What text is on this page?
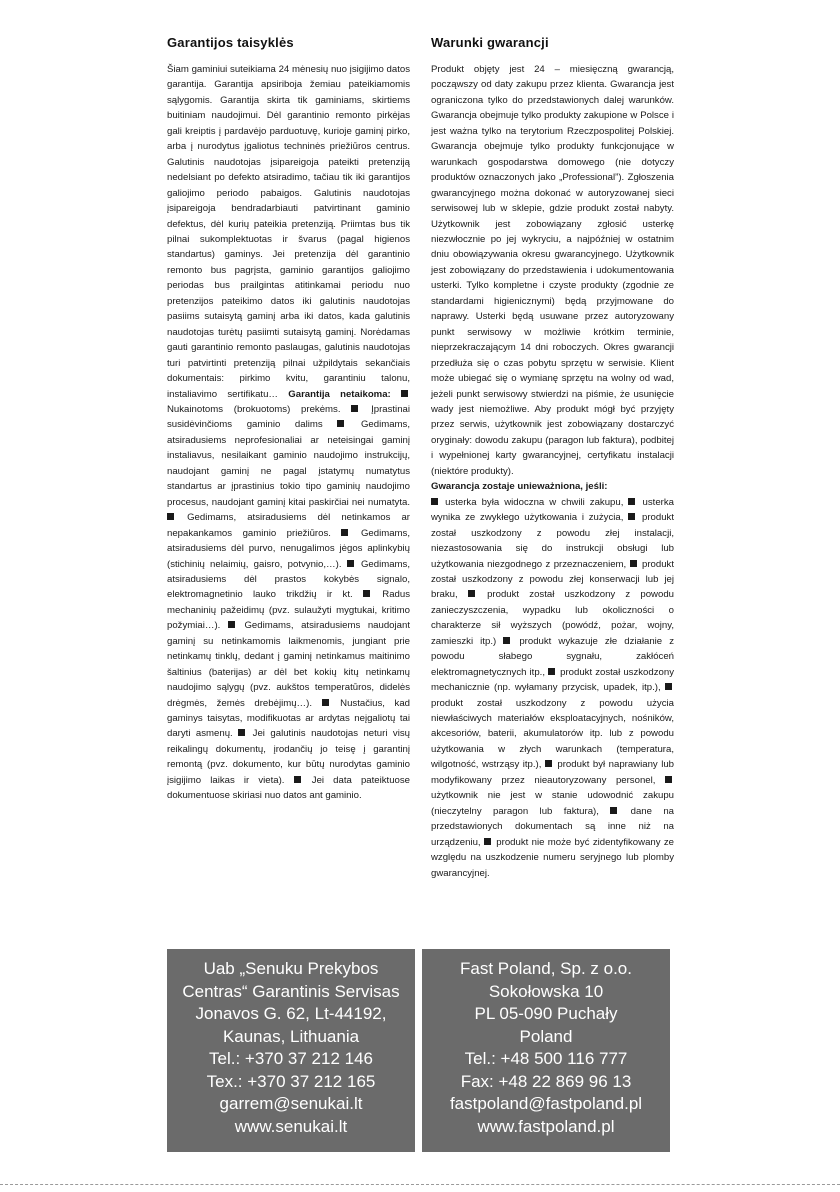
Garantijos taisyklės

Šiam gaminiui suteikiama 24 mėnesių nuo įsigijimo datos garantija. Garantija apsiriboja žemiau pateikiamomis sąlygomis. Garantija skirta tik gaminiams, skirtiems buitiniam naudojimui. Dėl garantinio remonto pirkėjas gali kreiptis į pardavėjo parduotuvę, kurioje gaminį pirko, arba į nurodytus įgaliotus techninės priežiūros centrus. Galutinis naudotojas įsipareigoja pateikti pretenziją nedelsiant po defekto atsiradimo, tačiau tik iki garantijos galiojimo periodo pabaigos. Galutinis naudotojas įsipareigoja bendradarbiauti patvirtinant gaminio defektus, dėl kurių pateikia pretenziją. Priimtas bus tik pilnai sukomplektuotas ir švarus (pagal higienos standartus) gaminys. Jei pretenzija dėl garantinio remonto bus pagrįsta, gaminio garantijos galiojimo periodas bus prailgintas atitinkamai periodu nuo pretenzijos pateikimo datos iki galutinis naudotojas pasiims sutaisytą gaminį arba iki datos, kada galutinis naudotojas turėtų pasiimti sutaisytą gaminį. Norėdamas gauti garantinio remonto paslaugas, galutinis naudotojas turi patvirtinti pretenziją pilnai užpildytais sekančiais dokumentais: pirkimo kvitu, garantiniu talonu, instaliavimo sertifikatu… Garantija netaikoma:  Nukainotoms (brokuotoms) prekėms.	Įprastinai susidėvinčioms gaminio dalims	Gedimams, atsiradusiems neprofesionaliai ar neteisingai gaminį instaliavus, nesilaikant gaminio naudojimo instrukcijų, naudojant gaminį ne pagal įstatymų numatytus standartus ar įprastinius tokio tipo gaminių naudojimo procesus, naudojant gaminį kitai paskirčiai nei numatyta.  Gedimams, atsiradusiems dėl netinkamos ar nepakankamos gaminio priežiūros.	Gedimams, atsiradusiems dėl purvo, nenugalimos jėgos aplinkybių (stichinių nelaimių, gaisro, potvynio,…). Gedimams, atsiradusiems dėl prastos kokybės signalo, elektromagnetinio lauko trikdžių ir kt.	Radus mechaninių pažeidimų (pvz. sulaužyti mygtukai, kritimo požymiai…).	Gedimams, atsiradusiems naudojant gaminį su netinkamomis laikmenomis, jungiant prie netinkamų tinklų, dedant į gaminį netinkamus maitinimo šaltinius (baterijas) ar dėl bet kokių kitų netinkamų naudojimo sąlygų (pvz. aukštos temperatūros, didelės drėgmės, žemės drebėjimų…).	Nustačius, kad gaminys taisytas, modifikuotas ar ardytas neįgaliotų tai daryti asmenų. Jei galutinis naudotojas neturi visų reikalingų dokumentų, įrodančių jo teisę į garantinį remontą (pvz. dokumento, kur būtų nurodytas gaminio įsigijimo laikas ir vieta).	Jei data pateiktuose dokumentuose skiriasi nuo datos ant gaminio.

Warunki gwarancji

Produkt objęty jest 24 – miesięczną gwarancją, począwszy od daty zakupu przez klienta. Gwarancja jest ograniczona tylko do przedstawionych dalej warunków. Gwarancja obejmuje tylko produkty zakupione w Polsce i jest ważna tylko na terytorium Rzeczpospolitej Polskiej. Gwarancja obejmuje tylko produkty funkcjonujące w warunkach gospodarstwa domowego (nie dotyczy produktów oznaczonych jako „Professional”). Zgłoszenia gwarancyjnego można dokonać w autoryzowanej sieci serwisowej lub w sklepie, gdzie produkt został nabyty. Użytkownik jest zobowiązany zgłosić usterkę niezwłocznie po jej wykryciu, a najpóźniej w ostatnim dniu obowiązywania okresu gwarancyjnego. Użytkownik jest zobowiązany do przedstawienia i udokumentowania usterki. Tylko kompletne i czyste produkty (zgodnie ze standardami higienicznymi) będą przyjmowane do naprawy. Usterki będą usuwane przez autoryzowany punkt serwisowy w możliwie krótkim terminie, nieprzekraczającym 14 dni roboczych. Okres gwarancji przedłuża się o czas pobytu sprzętu w serwisie. Klient może ubiegać się o wymianę sprzętu na wolny od wad, jeżeli punkt serwisowy stwierdzi na piśmie, że usunięcie wady jest niemożliwe. Aby produkt mógł być przyjęty przez serwis, użytkownik jest zobowiązany dostarczyć oryginały: dowodu zakupu (paragon lub faktura), podbitej i wypełnionej karty gwarancyjnej, certyfikatu instalacji (niektóre produkty).

Gwarancja zostaje unieważniona, jeśli:
usterka była widoczna w chwili zakupu, usterka wynika ze zwykłego użytkowania i zużycia, produkt został uszkodzony z powodu złej instalacji, niezastosowania się do instrukcji obsługi lub użytkowania niezgodnego z przeznaczeniem, produkt został uszkodzony z powodu złej konserwacji lub jej braku,	produkt został uszkodzony z powodu zanieczyszczenia, wypadku lub okoliczności o charakterze sił wyższych (powódź, pożar, wojny, zamieszki itp.) produkt wykazuje złe działanie z powodu słabego sygnału, zakłóceń elektromagnetycznych itp., produkt został uszkodzony mechanicznie (np. wyłamany przycisk, upadek, itp.),  produkt został uszkodzony z powodu użycia niewłaściwych materiałów eksploatacyjnych, nośników, akcesoriów, baterii, akumulatorów itp. lub z powodu użytkowania w złych warunkach (temperatura, wilgotność, wstrząsy itp.), produkt był naprawiany lub modyfikowany przez nieautoryzowany personel,  użytkownik nie jest w stanie udowodnić zakupu (nieczytelny paragon lub faktura),	dane na przedstawionych dokumentach są inne niż na urządzeniu, produkt nie może być zidentyfikowany ze względu na uszkodzenie numeru seryjnego lub plomby gwarancyjnej.

Uab „Senuku Prekybos
Centras“ Garantinis Servisas
Jonavos G. 62, Lt-44192,
Kaunas, Lithuania
Tel.: +370 37 212 146
Tex.: +370 37 212 165
garrem@senukai.lt
www.senukai.lt
Fast Poland, Sp. z o.o.
Sokołowska 10
PL 05-090 Puchały
Poland
Tel.: +48 500 116 777
Fax: +48 22 869 96 13
fastpoland@fastpoland.pl
www.fastpoland.pl
